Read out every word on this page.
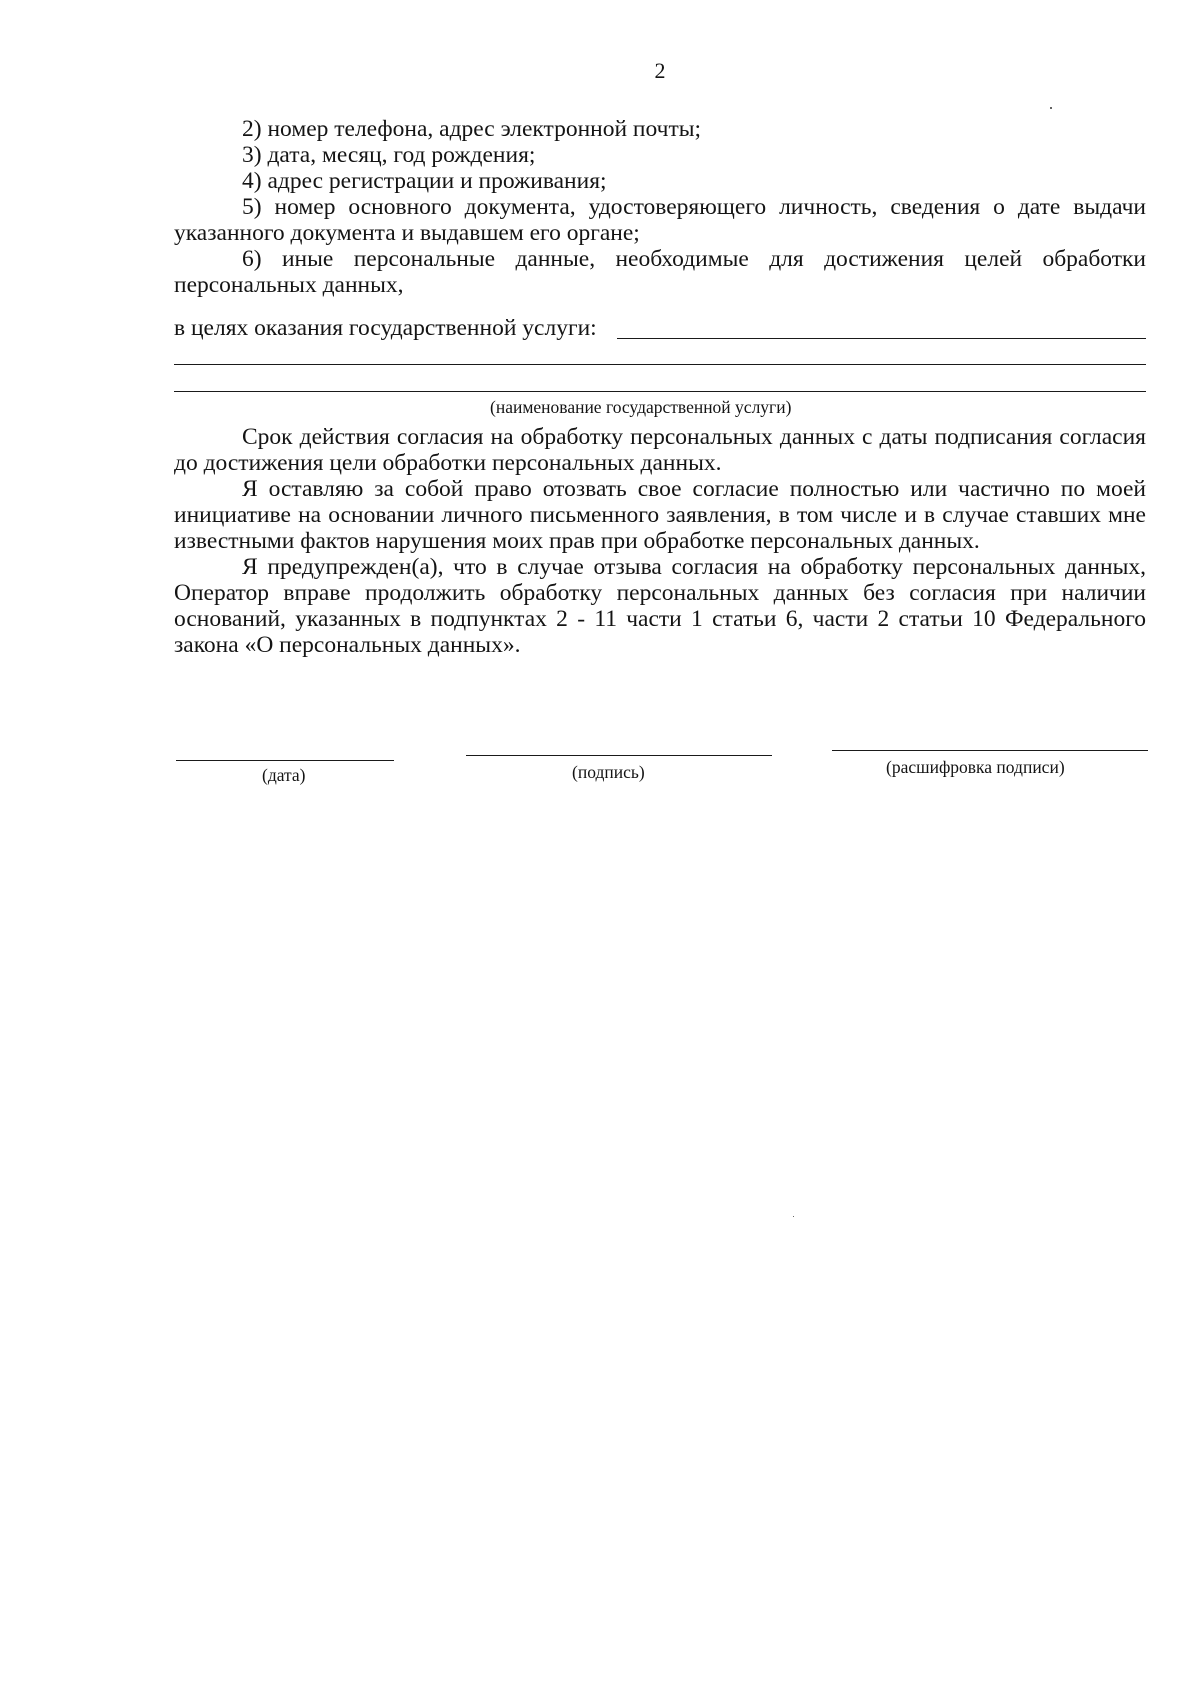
2

2) номер телефона, адрес электронной почты;

3) дата, месяц, год рождения;

4) адрес регистрации и проживания;

5) номер основного документа, удостоверяющего личность, сведения о дате выдачи указанного документа и выдавшем его органе;

6) иные персональные данные, необходимые для достижения целей обработки персональных данных,

в целях оказания государственной услуги:
(наименование государственной услуги)

Срок действия согласия на обработку персональных данных с даты подписания согласия до достижения цели обработки персональных данных.

Я оставляю за собой право отозвать свое согласие полностью или частично по моей инициативе на основании личного письменного заявления, в том числе и в случае ставших мне известными фактов нарушения моих прав при обработке персональных данных.

Я предупрежден(а), что в случае отзыва согласия на обработку персональных данных, Оператор вправе продолжить обработку персональных данных без согласия при наличии оснований, указанных в подпунктах 2 - 11 части 1 статьи 6, части 2 статьи 10 Федерального закона «О персональных данных».

(дата)	(подпись)	(расшифровка подписи)
